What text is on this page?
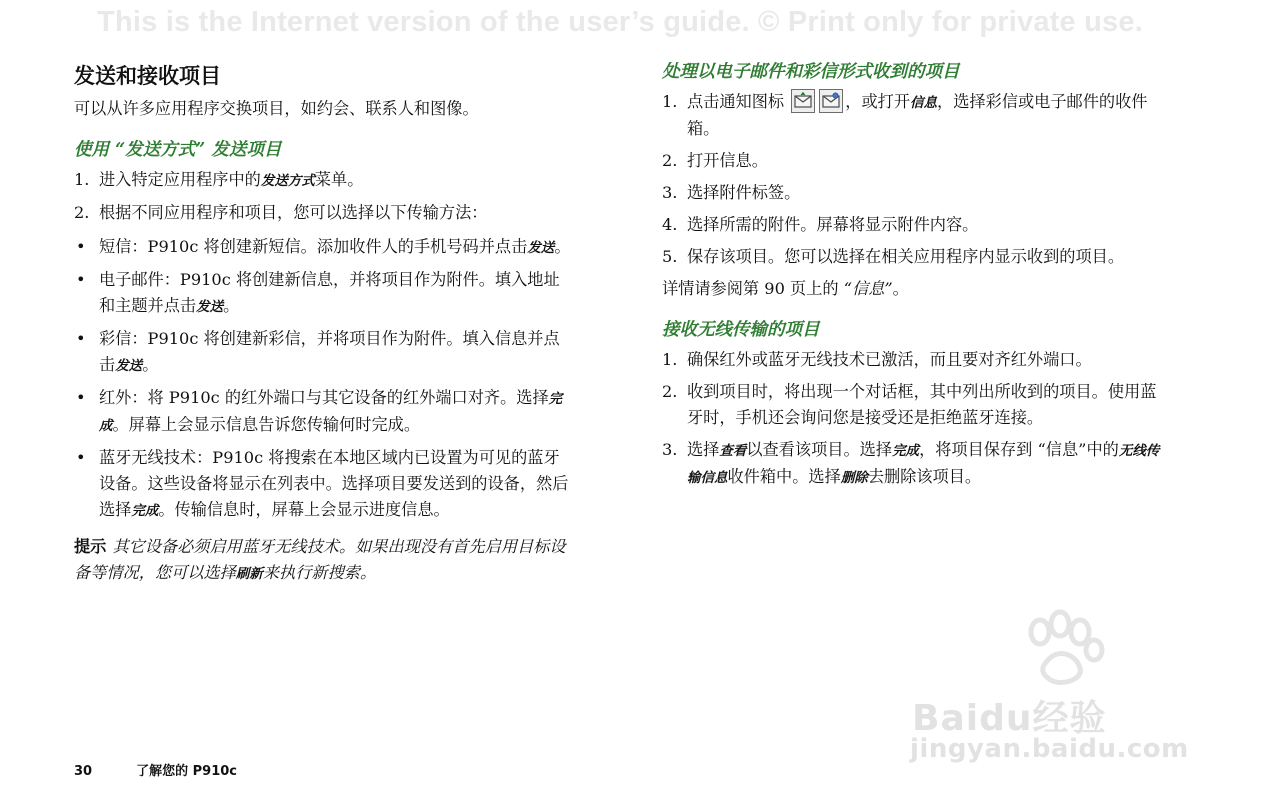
This is the Internet version of the user’s guide. © Print only for private use.
发送和接收项目

可以从许多应用程序交换项目，如约会、联系人和图像。

使用 “发送方式” 发送项目
1. 进入特定应用程序中的发送方式菜单。
2. 根据不同应用程序和项目，您可以选择以下传输方法：
• 短信：P910c 将创建新短信。添加收件人的手机号码并点击发送。
• 电子邮件：P910c 将创建新信息，并将项目作为附件。填入地址和主题并点击发送。
• 彩信：P910c 将创建新彩信，并将项目作为附件。填入信息并点击发送。
• 红外：将 P910c 的红外端口与其它设备的红外端口对齐。选择完成。屏幕上会显示信息告诉您传输何时完成。
• 蓝牙无线技术：P910c 将搜索在本地区域内已设置为可见的蓝牙设备。这些设备将显示在列表中。选择项目要发送到的设备，然后选择完成。传输信息时，屏幕上会显示进度信息。
提示 其它设备必须启用蓝牙无线技术。如果出现没有首先启用目标设备等情况，您可以选择刷新来执行新搜索。
处理以电子邮件和彩信形式收到的项目
1. 点击通知图标	，或打开信息，选择彩信或电子邮件的收件箱。
2. 打开信息。
3. 选择附件标签。
4. 选择所需的附件。屏幕将显示附件内容。
5. 保存该项目。您可以选择在相关应用程序内显示收到的项目。

详情请参阅第 90 页上的 “信息”。

接收无线传输的项目
1. 确保红外或蓝牙无线技术已激活，而且要对齐红外端口。
2. 收到项目时，将出现一个对话框，其中列出所收到的项目。使用蓝牙时，手机还会询问您是接受还是拒绝蓝牙连接。
3. 选择查看以查看该项目。选择完成，将项目保存到 “信息”中的无线传输信息收件箱中。选择删除去删除该项目。
Baidu经验
jingyan.baidu.com
30	了解您的 P910c
